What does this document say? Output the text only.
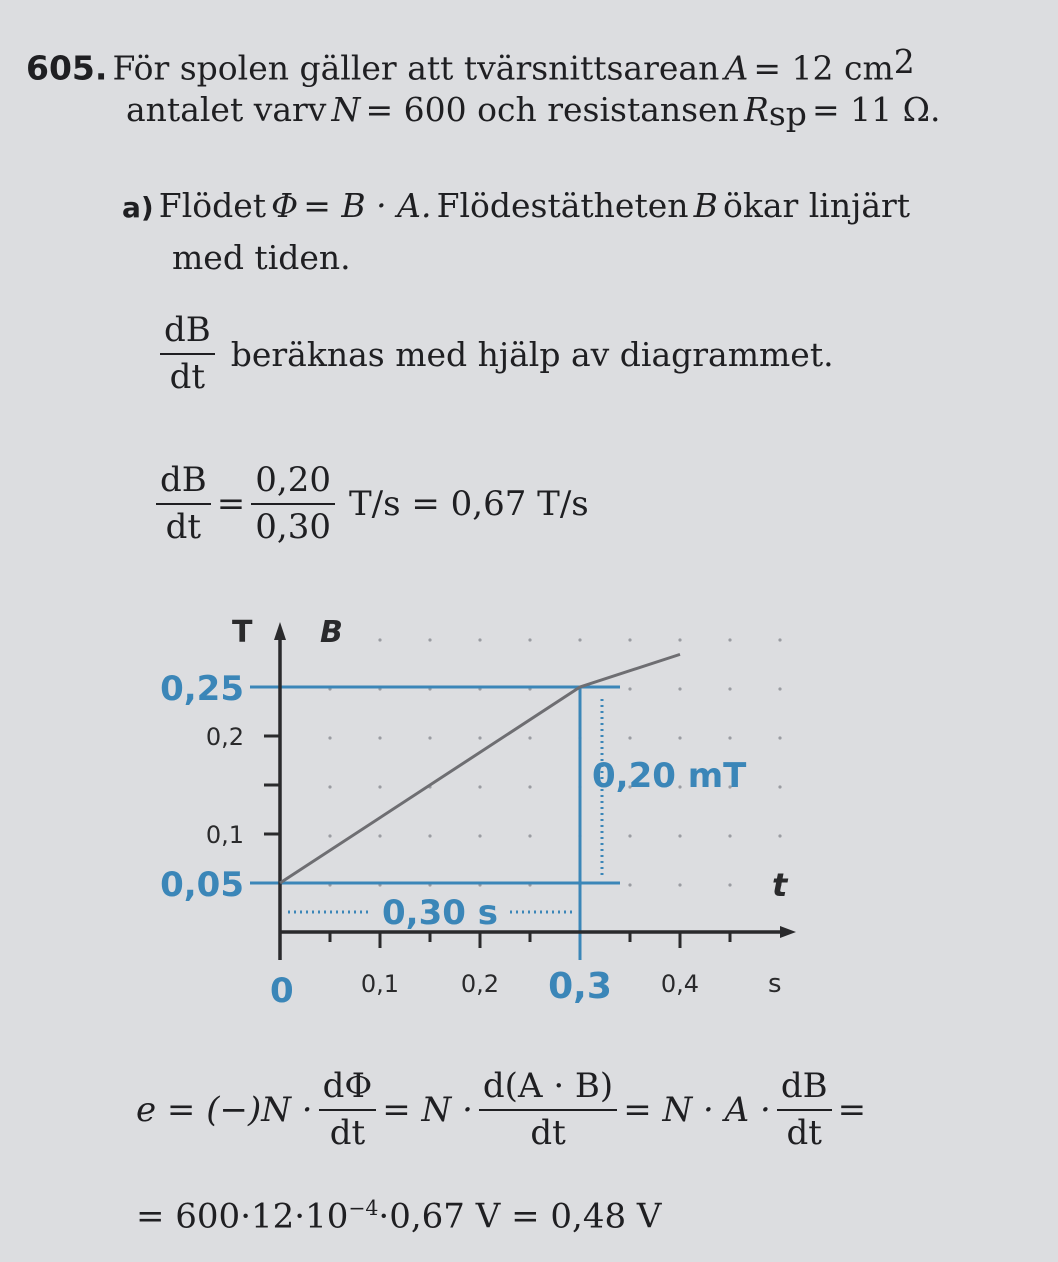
605. För spolen gäller att tvärsnittsarean A = 12 $cm^2$
antalet varv N = 600 och resistansen $R_{sp} = 11$ Ω.
a) Flödet Φ = B · A. Flödestätheten B ökar linjärt
med tiden.
$\frac{dB}{dt}$ beräknas med hjälp av diagrammet.
$\frac{dB}{dt} = \frac{0,20}{0,30} T/s = 0,67$ T/s
T B
t
s
0	0,1	0,2	0,4
0,1
0,2
0,25
0,05
0,3
0,20 mT
0,30 s
$e = (-)N \cdot \frac{d\Phi}{dt} = N \cdot \frac{d(A \cdot B)}{dt} = N \cdot A \cdot \frac{dB}{dt}$ =
= $600\cdot 12\cdot 10^{-4}\cdot 0,67$ V = 0,48 V
